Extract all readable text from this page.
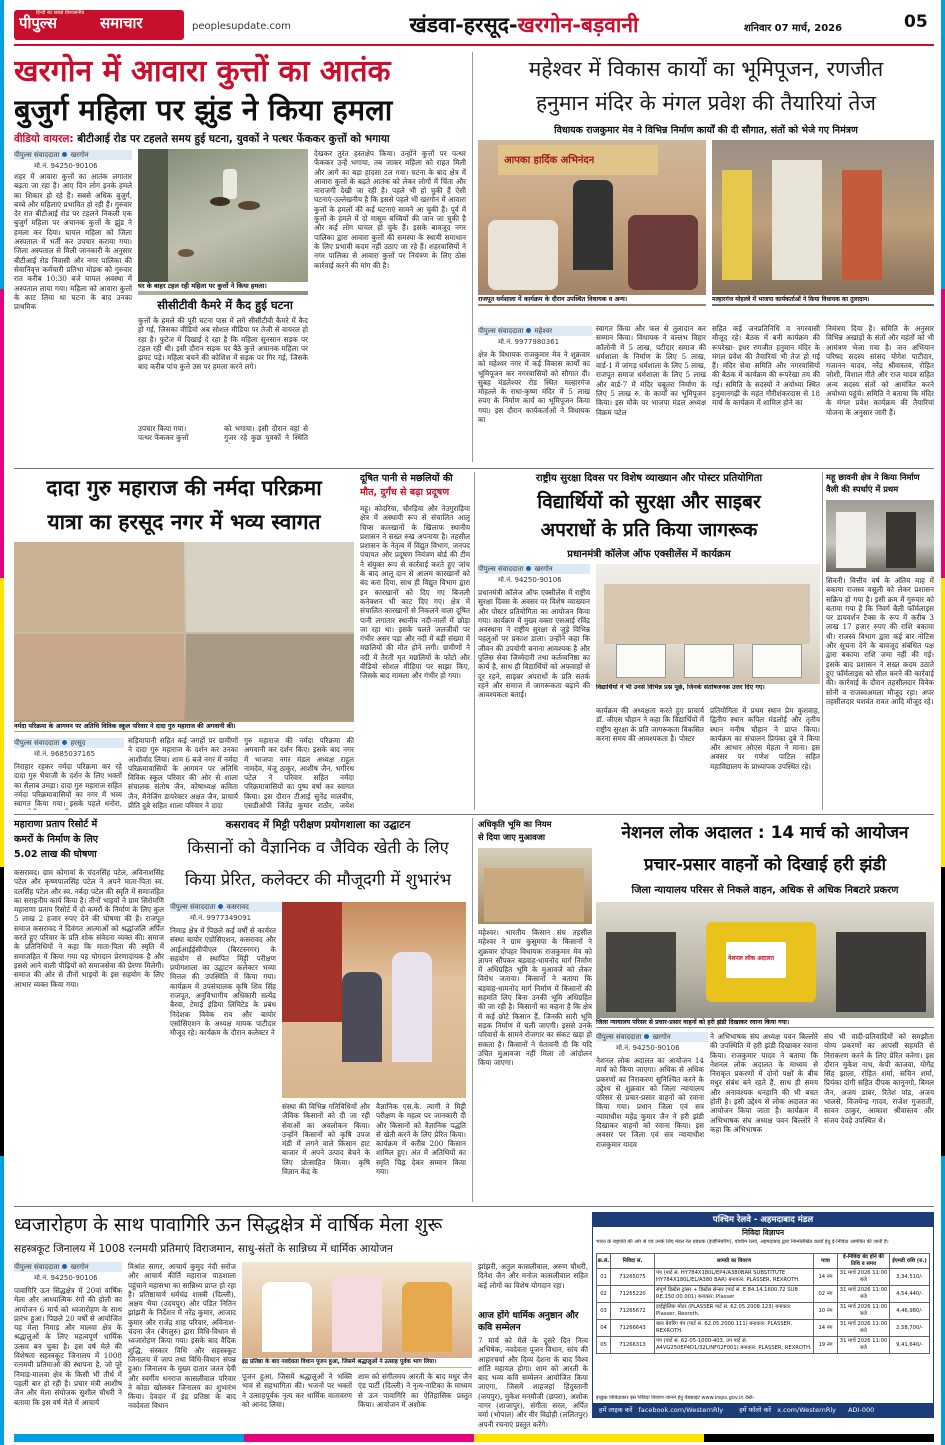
पीपुल्स	समाचार
हिन्दी का सबसे विश्वसनीय
peoplesupdate.com	खंडवा-हरसूद-खरगोन-बड़वानी	शनिवार 07 मार्च, 2026	05
खरगोन में आवारा कुत्तों का आतंक
बुजुर्ग महिला पर झुंड ने किया हमला
वीडियो वायरल: बीटीआई रोड पर टहलते समय हुई घटना, युवकों ने पत्थर फेंककर कुत्तों को भगाया
पीपुल्स संवाददाता खरगोन
मो.नं. 94250-90106
शहर में आवारा कुत्तों का आतंक लगातार बढ़ता जा रहा है। आए दिन लोग इनके हमले का शिकार हो रहे हैं। सबसे अधिक बुजुर्ग, बच्चे और महिलाएं प्रभावित हो रही हैं। गुरुवार देर रात बीटीआई रोड पर टहलने निकली एक बुजुर्ग महिला पर अचानक कुत्तों के झुंड ने हमला कर दिया। घायल महिला को जिला अस्पताल में भर्ती कर उपचार कराया गया। जिला अस्पताल से मिली जानकारी के अनुसार बीटीआई रोड निवासी और नगर पालिका की सेवानिवृत्त कर्मचारी प्रतिभा मोडक को गुरुवार रात करीब 10:30 बजे घायल अवस्था में अस्पताल लाया गया। महिला को आवारा कुत्तों के काट लिया था घटना के बाद उनका प्राथमिक
घर के बाहर टहल रही महिला पर कुत्तों ने किया हमला।
सीसीटीवी कैमरे में कैद हुई घटना
कुत्तों के हमले की पूरी घटना पास में लगे सीसीटीवी कैमरे में कैद हो गई, जिसका वीडियो अब सोशल मीडिया पर तेजी से वायरल हो रहा है। फुटेज में दिखाई दे रहा है कि महिला सुनसान सड़क पर टहल रही थी। इसी दौरान सड़क पर बैठे कुत्ते अचानक महिला पर झपट पड़े। महिला बचने की कोशिश में सड़क पर गिर गई, जिसके बाद करीब पांच कुत्ते उस पर हमला करने लगे।
उपचार किया गया।	को भगाया। इसी दौरान वहां से गुजर रहे कुछ युवकों ने स्थिति
पत्थर फेंककर कुत्तों
देखकर तुरंत हस्तक्षेप किया। उन्होंने कुत्तों पर पत्थर फेंककर उन्हें भगाया, तब जाकर महिला को राहत मिली और आगे का बड़ा हादसा टल गया। घटना के बाद क्षेत्र में आवारा कुत्तों के बढ़ते आतंक को लेकर लोगों में चिंता और नाराजगी देखी जा रही है। पहले भी हो चुकी हैं ऐसी घटनाएं-उल्लेखनीय है कि इससे पहले भी खरगोन में आवारा कुत्तों के हमलों की कई घटनाएं सामने आ चुकी हैं। पूर्व में कुत्तों के हमले में दो मासूम बच्चियों की जान जा चुकी है और कई लोग घायल हो चुके हैं। इसके बावजूद नगर पालिका द्वारा आवारा कुत्तों की समस्या के स्थायी समाधान के लिए प्रभावी कदम नहीं उठाए जा रहे हैं। शहरवासियों ने नगर पालिका से आवारा कुत्तों पर नियंत्रण के लिए ठोस कार्रवाई करने की मांग की है।
महेश्वर में विकास कार्यों का भूमिपूजन, रणजीत
हनुमान मंदिर के मंगल प्रवेश की तैयारियां तेज
विधायक राजकुमार मेव ने विभिन्न निर्माण कार्यों की दी सौगात, संतों को भेजे गए निमंत्रण
आपका हार्दिक अभिनंदन
राजपूत धर्मशाला में कार्यक्रम के दौरान उपस्थित विधायक व अन्य।	मल्हारगंज मोहल्ले में भाजपा कार्यकर्ताओं ने किया विधायक का तुलादान।
पीपुल्स संवाददाता महेश्वर
मो.नं. 9977980361
क्षेत्र के विधायक राजकुमार मेव ने शुक्रवार को महेश्वर नगर में कई विकास कार्यों का भूमिपूजन कर नगरवासियों को सौगात दी। सुबह मंडलेश्वर रोड स्थित मल्हारगंज मोहल्ले के राधा-कृष्ण मंदिर में 5 लाख रुपए के निर्माण कार्य का भूमिपूजन किया गया। इस दौरान कार्यकर्ताओं ने विधायक का
स्वागत किया और फल से तुलादान कर सम्मान किया। विधायक ने वल्लभ विहार कॉलोनी में 5 लाख, पटीदार समाज की धर्मशाला के निर्माण के लिए 5 लाख, वार्ड-1 में जांगड़ धर्मशाला के लिए 5 लाख, राजपूत समाज धर्मशाला के लिए 5 लाख और वार्ड-7 में मंदिर चबूतरा निर्माण के लिए 5 लाख रु. के कार्यों का भूमिपूजन किया। इस मौके पर भाजपा मंडल अध्यक्ष विक्रम पटेल
सहित कई जनप्रतिनिधि व नगरवासी मौजूद रहे। बैठक में बनी कार्यक्रम की रूपरेखा- इधर रणजीत हनुमान मंदिर के मंगल प्रवेश की तैयारियां भी तेज हो गई हैं। मंदिर सेवा समिति और नगरवासियों की बैठक में कार्यक्रम की रूपरेखा तय की गई। समिति के सदस्यों ने अयोध्या स्थित हनुमानगढ़ी के महंत गौरीशंकरदास से 18 मार्च के कार्यक्रम में शामिल होने का
निमंत्रण दिया है। समिति के अनुसार विभिन्न अखाड़ों के संतों और महंतों को भी आमंत्रण भेजा गया है। जन अभियान परिषद सदस्य सांसद योगेश पाटीदार, गजानन यादव, नरेंद्र श्रीवास्तव, रोहित जोशी, विशाल गीते और राज यादव सहित अन्य सदस्य संतों को आमंत्रित करने अयोध्या पहुंचे। समिति ने बताया कि मंदिर के मंगल प्रवेश कार्यक्रम की तैयारियां योजना के अनुसार जारी हैं।
दादा गुरु महाराज की नर्मदा परिक्रमा
यात्रा का हरसूद नगर में भव्य स्वागत
नर्मदा परिक्रमा के आगमन पर अतिथि विविक स्कूल परिवार ने दादा गुरु महाराज की अगवानी की।
पीपुल्स संवाददाता हरसूद
मो.नं. 9685037165
निराहार रहकर नर्मदा परिक्रमा कर रहे दादा गुरु भैयाजी के दर्शन के लिए भक्तों का सैलाब उमड़ा। दादा गुरु महाराज सहित नर्मदा परिक्रमावासियों का नगर में भव्य स्वागत किया गया। इसके पहले धनोरा,
सड़ियापानी सहित कई जगहों पर ग्रामीणों ने दादा गुरु महाराज के दर्शन कर उनका आशीर्वाद लिया। शाम 6 बजे नगर में नर्मदा परिक्रमावासियों के आगमन पर अतिथि विविक स्कूल परिवार की ओर से शाला संचालक संतोष जैन, कोषाध्यक्ष कविता जैन, मैनेजिंग डायरेक्टर अक्षत जैन, प्राचार्य प्रीति दुबे सहित शाला परिवार ने दादा
गुरु महाराज की नर्मदा परिक्रमा की अगवानी कर दर्शन किए। इसके बाद नगर में भाजपा नगर मंडल अध्यक्ष राहुल नामदेव, मंजू ठाकुर, आशीष जैन, भगीरथ पटेल ने परिवार सहित नर्मदा परिक्रमावासियों का पुष्प वर्षा कर स्वागत किया। इस दौरान टीआई सुनेंद्र मालवीय, एसडीओपी जितेंद्र कुमार राठौर, जयेश
दूषित पानी से मछलियों की
मौत, दुर्गंध से बढ़ा प्रदूषण
महू। कोदरिया, चौरड़िया और नेउगुराड़िया क्षेत्र में अस्थायी रूप से संचालित आलू चिप्स कारखानों के खिलाफ स्थानीय प्रशासन ने सख्त रुख अपनाया है। तहसील प्रशासन के नेतृत्व में विद्युत विभाग, जनपद पंचायत और प्रदूषण नियंत्रण बोर्ड की टीम ने संयुक्त रूप से कार्रवाई करते हुए जांच के बाद आलू दान से आलम कारखानों को बंद करा दिया, साथ ही विद्युत विभाग द्वारा इन कारखानों को दिए गए बिजली कनेक्शन भी काट दिए गए। क्षेत्र में संचालित कारखानों से निकलने वाला दूषित पानी लगातार स्थानीय नदी-नालों में छोड़ा जा रहा था। इसके चलते जलजीवों पर गंभीर असर पड़ा और नदी में बड़ी संख्या में मछलियों की मौत होने लगी। ग्रामीणों ने नदी में तैरती मृत मछलियों के फोटो और वीडियो सोशल मीडिया पर साझा किए, जिसके बाद मामला और गंभीर हो गया।
राष्ट्रीय सुरक्षा दिवस पर विशेष व्याख्यान और पोस्टर प्रतियोगिता
विद्यार्थियों को सुरक्षा और साइबर
अपराधों के प्रति किया जागरूक
प्रधानमंत्री कॉलेज ऑफ एक्सीलेंस में कार्यक्रम
पीपुल्स संवाददाता खरगोन
मो.नं. 94250-90106
प्रधानमंत्री कॉलेज ऑफ एक्सीलेंस में राष्ट्रीय सुरक्षा दिवस के अवसर पर विशेष व्याख्यान और पोस्टर प्रतियोगिता का आयोजन किया गया। कार्यक्रम में मुख्य वक्ता एसआई रविंद्र अवस्थाना ने राष्ट्रीय सुरक्षा से जुड़े विभिन्न पहलुओं पर प्रकाश डाला। उन्होंने कहा कि जीवन की उपयोगी बनाना आवश्यक है और पुलिस सेवा जिम्मेदारी तथा कर्तव्यनिष्ठा का कार्य है, साथ ही विद्यार्थियों को अफवाहों से दूर रहने, साइबर अपराधों के प्रति सतर्क रहने और समाज में जागरूकता बढ़ाने की आवश्यकता बताई।
विद्यार्थियों ने भी उनसे विभिन्न प्रश्न पूछे, जिनके संतोषजनक उत्तर दिए गए।
कार्यक्रम की अध्यक्षता करते हुए प्राचार्य डॉ. जीएस चौहान ने कहा कि विद्यार्थियों में राष्ट्रीय सुरक्षा के प्रति जागरूकता विकसित करना समय की आवश्यकता है। पोस्टर
प्रतियोगिता में प्रथम स्थान प्रेम कुशवाह, द्वितीय स्थान कपिल मंडलोई और तृतीय स्थान मनीष चौहान ने प्राप्त किया। कार्यक्रम का संचालन प्रियंका दुबे ने किया और आभार ओएस मेहता ने माना। इस अवसर पर गणेश पाटिल सहित महाविद्यालय के प्राध्यापक उपस्थित रहे।
महू छावनी क्षेत्र ने किया निर्माण
वैली की स्पर्धाएं में प्रथम
सिवनी। वित्तीय वर्ष के अंतिम माह में बकाया राजस्व वसूली को लेकर प्रशासन सक्रिय हो गया है। इसी क्रम में गुरुवार को बताया गया है कि निवर्ग बैली फॉर्मलाइस पर डायवर्शन टैक्स के रूप में करीब 3 लाख 17 हजार रुपए की राशि बकाया थी। राजस्व विभाग द्वारा कई बार नोटिस और सूचना देने के बावजूद संबंधित पक्ष द्वारा बकाया राशि जमा नहीं की गई। इसके बाद प्रशासन ने सख्त कदम उठाते हुए फॉर्मलाइस को सील करने की कार्रवाई की। कार्रवाई के दौरान तहसीलदार विवेक सोनी व राजस्वअमला मौजूद रहा। अपर तहसीलदार यशवंत रावत आदि मौजूद रहे।
महाराणा प्रताप रिसोर्ट में
कमरों के निर्माण के लिए
5.02 लाख की घोषणा
कसरावद। ग्राम कोगावां के चंदनसिंह पटेल, अविनाशसिंह पटेल और कृष्णपालसिंह पटेल ने अपने माता-पिता स्व. दलसिंह पटेल और स्व. नर्बदा पटेल की स्मृति में समाजहित का सराहनीय कार्य किया है। तीनों भाइयों ने ग्राम सिरोमणि महाराणा प्रताप रिसोर्ट में दो कमरों के निर्माण के लिए कुल 5 लाख 2 हजार रुपए देने की घोषणा की है। राजपूत समाज कसरावद ने दिवंगत आत्माओं को श्रद्धांजलि अर्पित करते हुए परिवार के प्रति शोक संवेदना व्यक्त की। समाज के प्रतिनिधियों ने कहा कि माता-पिता की स्मृति में समाजहित में किया गया यह योगदान प्रेरणादायक है और इससे आने वाली पीढ़ियों को समाजसेवा की प्रेरणा मिलेगी। समाज की ओर से तीनों भाइयों के इस सहयोग के लिए आभार व्यक्त किया गया।
कसरावद में मिट्टी परीक्षण प्रयोगशाला का उद्घाटन
किसानों को वैज्ञानिक व जैविक खेती के लिए
किया प्रेरित, कलेक्टर की मौजूदगी में शुभारंभ
पीपुल्स संवाददाता कसरावद
मो.नं. 9977349091
निमाड़ क्षेत्र में पिछले कई वर्षों से कार्यरत संस्था बायोर एग्रोसिएशन, कसरावद और आईआईईसीपीएल (बिरटस्नगर) के सहयोग से स्थापित मिट्टी परीक्षण प्रयोगशाला का उद्घाटन कलेक्टर भव्या मित्तल की उपस्थिति में किया गया। कार्यक्रम में उपसंचालक कृषि शिव सिंह राजपूत, अनुविभागीय अधिकारी सत्येंद्र बैरवा, टेमाई इंडिया लिमिटेड के प्रबंध निदेशक विवेक राव और बायोर एसोसिएशन के अध्यक्ष मायक पाटीदार मौजूद रहे। कार्यक्रम के दौरान कलेक्टर ने
संस्था की विभिन्न गतिविधियों और जैविक किसानों को दी जा रही सेवाओं का अवलोकन किया। उन्होंने किसानों को कृषि उपज मंडी में लगने वाले किसान हाट बाजार में अपने उत्पाद बेचने के लिए प्रोत्साहित किया। कृषि विज्ञान केंद्र के
वैज्ञानिक एस.के. त्यागी ने मिट्टी परीक्षण के महत्व पर जानकारी दी और किसानों को वैज्ञानिक पद्धति से खेती करने के लिए प्रेरित किया। कार्यक्रम में करीब 200 किसान शामिल हुए। अंत में अतिथियों का स्मृति चिह्न देकर सम्मान किया गया।
अधिकृति भूमि का नियम
से दिया जाए मुआवजा
महेश्वर। भारतीय किसान संघ तहसील महेश्वर ने ग्राम कुसुमपा के किसानों ने शुक्रवार दोपहर विधायक राजकुमार मेव को ज्ञापन सौंपकर बड़वाह-धामनोद मार्ग निर्माण में अधिग्रहित भूमि के मुआवजे को लेकर विरोध जताया। किसानों ने बताया कि बड़वाह-धामनोद मार्ग निर्माण में किसानों की सहमति लिए बिना उनकी भूमि अधिग्रहित की जा रही है। किसानों का कहना है कि क्षेत्र में कई छोटे किसान हैं, जिनकी सारी भूमि सड़क निर्माण में चली जाएगी। इससे उनके परिवारों के सामने रोजगार का संकट खड़ा हो सकता है। किसानों ने चेतावनी दी कि यदि उचित मुआवजा नहीं मिला तो आंदोलन किया जाएगा।
नेशनल लोक अदालत : 14 मार्च को आयोजन
प्रचार-प्रसार वाहनों को दिखाई हरी झंडी
जिला न्यायालय परिसर से निकले वाहन, अधिक से अधिक निबटारे प्रकरण
नेशनल लोक अदालत
जिला न्यायालय परिसर से प्रचार-प्रसार वाहनों को हरी झंडी दिखाकर रवाना किया गया।
पीपुल्स संवाददाता खरगोन
मो.नं. 94250-90106
नेशनल लोक अदालत का आयोजन 14 मार्च को किया जाएगा। अधिक से अधिक प्रकरणों का निराकरण सुनिश्चित करने के उद्देश्य से शुक्रवार को जिला न्यायालय परिसर से प्रचार-प्रसार वाहनों को रवाना किया गया। प्रधान जिला एवं सत्र न्यायाधीश महेंद्र कुमार जैन ने हरी झंडी दिखाकर वाहनों को रवाना किया। इस अवसर पर जिला एवं सत्र न्यायाधीश राजकुमार यादव
ने अभिभाषक संघ अध्यक्ष पवन बिल्लोरे की उपस्थिति में हरी झंडी दिखाकर रवाना किया। राजकुमार यादव ने बताया कि नेशनल लोक अदालत के माध्यम से निराकृत प्रकरणों में दोनों पक्षों के बीच मधुर संबंध बने रहते हैं, साथ ही समय और अनावश्यक धनहानि की भी बचत होती है। इसी उद्देश्य से लोक अदालत का आयोजन किया जाता है। कार्यक्रम में अभिभाषक संघ अध्यक्ष पवन बिल्लोरे ने कहा कि अभिभाषक
संघ भी वादी-प्रतिवादियों को समझौता योग्य प्रकरणों का आपसी सहमति से निराकरण करने के लिए प्रेरित करेगा। इस दौरान मुकेश नाथ, केपी काजवा, योगेंद्र सिंह झाला, रोहित शर्मा, सचिन शर्मा, प्रियंका दांगी सहित दीपक कानूनगो, बिमल जैन, अजय डाबर, रितेश पांड, अजय भालसे, विजयेन्द्र गादव, राजेश गुजराती, सावन ठाकुर, आकाश श्रीवास्तव और संजय देवड़े उपस्थित थे।
ध्वजारोहण के साथ पावागिरि ऊन सिद्धक्षेत्र में वार्षिक मेला शुरू
सहस्त्रकूट जिनालय में 1008 रत्नमयी प्रतिमाएं विराजमान, साधु-संतों के सान्निध्य में धार्मिक आयोजन
पीपुल्स संवाददाता खरगोन
मो.नं. 94250-90106
पावागिरि ऊन सिद्धक्षेत्र में 20वां वार्षिक मेला और आध्यात्मिक रंगों की होली का आयोजन 6 मार्च को ध्वजारोहण के साथ प्रारंभ हुआ। पिछले 20 वर्षों से आयोजित यह मेला निमाड़ और मालवा क्षेत्र के श्रद्धालुओं के लिए महत्वपूर्ण धार्मिक उत्सव बन चुका है। इस वर्ष मेले की विशेषता सहस्त्रकूट जिनालय में 1008 रत्नमयी प्रतिमाओं की स्थापना है, जो पूरे निमाड़-मालवा क्षेत्र के किसी भी तीर्थ में पहली बार हो रही है। प्रचार मंत्री आशीष जैन और मेला संयोजक सुशील चौधरी ने बताया कि इस वर्ष मेले में आचार्य
विश्रांत सागर, आचार्य कुमुद नंदी सरोज और आचार्य कीर्ति महाराज पाठशाला पहुंचाने महासभा का सान्निध्य प्राप्त हो रहा है। प्रतिष्ठाचार्य धर्मचंद्र शास्त्री (दिल्ली), अक्षय भैया (उदयपुर) और पंडित नितिन झांझरी के निर्देशन में नरेंद्र कुमार, आजाद कुमार और राजेंद्र शाह परिवार, अविनाश-चंदना जैन (बेंगलुरु) द्वारा विधि-विधान से ध्वजारोहण किया गया। इसके बाद वैदिक शुद्धि, संस्कार विधि और सहस्त्रकूट जिनालय में जाप तथा विधि-विधान संपन्न हुआ। जिनालय के मुख्य दातार जतन देवी और स्वर्गीय धनराज कासलीवाल परिवार ने कोठा खोलकर जिनालय का शुभारंभ किया। देवदार में इंद्र प्रतिष्ठा के बाद नवदेवता विधान
इंद्र प्रतिष्ठा के बाद नवदेवता विधान पूजन हुआ, जिसमें श्रद्धालुओं ने उत्साह पूर्वक भाग लिया।
पूजन हुआ, जिसमें श्रद्धालुओं ने भक्ति भाव से सहभागिता की। भजनों पर भक्तों ने उत्साहपूर्वक नृत्य कर धार्मिक वातावरण को आनंद लिया।
शाम को संगीतमय आरती के बाद मधुर जैन एंड पार्टी (दिल्ली) ने नृत्य-नाटिका के माध्यम से ऊन पावागिरि का ऐतिहासिक प्रस्तुत किया। आयोजन में अशोक
झांझरी, अतुल कासलीवाल, अरुण चौधरी, दिनेश जैन और मनोज कासलीवाल सहित कई लोगों का विशेष योगदान रहा।
आज होंगे धार्मिक अनुष्ठान और कवि सम्मेलन
7 मार्च को मेले के दूसरे दिन नित्य अभिषेक, नवदेवता पूजन विधान, सांय की आहारचर्या और दिव्य देशना के बाद विश्व शांति महायज्ञ होगा। शाम को आरती के बाद भव्य कवि सम्मेलन आयोजित किया जाएगा, जिसमें शाहजहां हिंदुस्तानी (जयपुर), मुकेश मनमौजी (छपरा), अशोक नागर (शाजापुर), संगीता सरल, अर्पित वर्मा (भोपाल) और वीर विद्रोही (ललितपुर) अपनी रचनाएं प्रस्तुत करेंगे।
पश्चिम रेलवे - अहमदाबाद मंडल
निविदा विज्ञापन
भारत के राष्ट्रपति की ओर से एवं उनके लिए मंडल रेल प्रबंधक (इंजीनियरिंग), पश्चिम रेलवे, अहमदाबाद द्वारा निम्नलिखित कार्यों हेतु ई-निविदा आमंत्रित की जाती है।
क्र.सं.	निविदा सं.	सामग्री का विवरण	मात्रा	ई-निविदा बंद होने की तिथि व समय	ईएमडी राशि (रु.)
01	71265075	पंप (पार्ट सं. HY784X180L/EP4/A380BAR SUBSTITUTE HY784X180L/EL/A380 BAR) बनाकार: PLASSER, REXROTH.	14 नंग	31 मार्च 2026 11:00 बजे	3,34,510/-
02	71265220	संपूर्ण डिस्टेंस ट्रांसर + डिस्टेंस सेन्सर (पार्ट सं. E.84.14.1600.72 SUB RE.150.00.001) बनाकार: Plasser	02 नंग	31 मार्च 2026 11:00 बजे	4,54,440/-
03	71265672	हाईड्रोलिक मोटर (PLASSER पार्ट सं. 62.05.2008.123) बनाकार: Plasser, Rexroth.	10 नंग	31 मार्च 2026 11:00 बजे	4,46,980/-
04	71266643	बाल बेयरिंग पंप (पार्ट सं. 62.05.2000.111) बनाकार: PLASSER, REXROTH.	14 नंग	31 मार्च 2026 11:00 बजे	2,58,700/-
05	71266313	पंप (पार्ट सं. 62-05-1000-403, उप पार्ट सं. A4VG250EP4D1/32L/NF02F001) बनाकार: PLASSER, REXROTH.	19 नंग	31 मार्च 2026 11:00 बजे	9,41,640/-
इच्छुक निविदाकार इस निविदा विवरण जानने हेतु वेबसाइट www.ireps.gov.in देखें।
हमें लाइक करें facebook.com/WesternRly हमें फॉलो करें x.com/WesternRly ADI-000
